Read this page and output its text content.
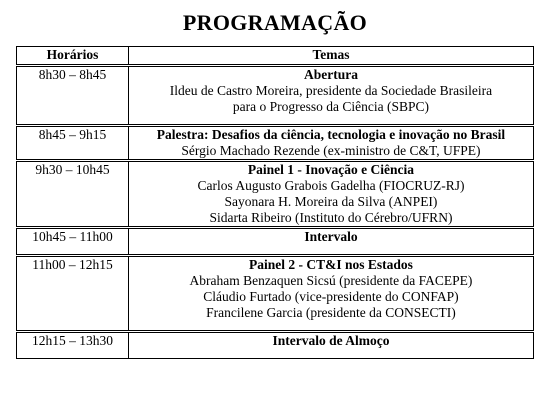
PROGRAMAÇÃO
Horários	Temas
8h30 – 8h45	Abertura
Ildeu de Castro Moreira, presidente da Sociedade Brasileira
para o Progresso da Ciência (SBPC)

8h45 – 9h15	Palestra: Desafios da ciência, tecnologia e inovação no Brasil
Sérgio Machado Rezende (ex-ministro de C&T, UFPE)

9h30 – 10h45	Painel 1 - Inovação e Ciência
Carlos Augusto Grabois Gadelha (FIOCRUZ-RJ)
Sayonara H. Moreira da Silva (ANPEI)
Sidarta Ribeiro (Instituto do Cérebro/UFRN)

10h45 – 11h00	Intervalo

11h00 – 12h15	Painel 2 - CT&I nos Estados
Abraham Benzaquen Sicsú (presidente da FACEPE)
Cláudio Furtado (vice-presidente do CONFAP)
Francilene Garcia (presidente da CONSECTI)

12h15 – 13h30	Intervalo de Almoço
